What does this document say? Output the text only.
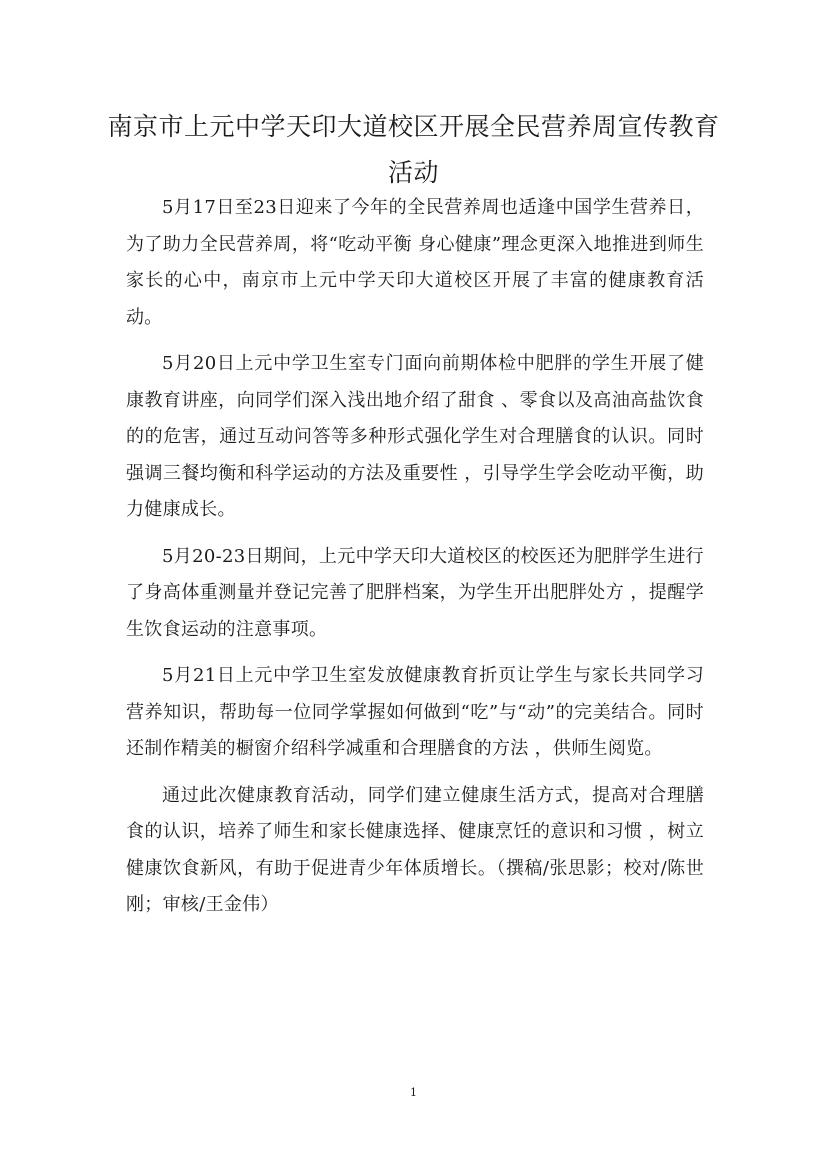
南京市上元中学天印大道校区开展全民营养周宣传教育活动

5月17日至23日迎来了今年的全民营养周也适逢中国学生营养日，为了助力全民营养周，将“吃动平衡 身心健康”理念更深入地推进到师生家长的心中，南京市上元中学天印大道校区开展了丰富的健康教育活动。

5月20日上元中学卫生室专门面向前期体检中肥胖的学生开展了健康教育讲座，向同学们深入浅出地介绍了甜食 、零食以及高油高盐饮食的的危害，通过互动问答等多种形式强化学生对合理膳食的认识。同时强调三餐均衡和科学运动的方法及重要性 ，引导学生学会吃动平衡，助力健康成长。

5月20-23日期间，上元中学天印大道校区的校医还为肥胖学生进行了身高体重测量并登记完善了肥胖档案，为学生开出肥胖处方 ，提醒学生饮食运动的注意事项。

5月21日上元中学卫生室发放健康教育折页让学生与家长共同学习营养知识，帮助每一位同学掌握如何做到“吃”与“动”的完美结合。同时还制作精美的橱窗介绍科学减重和合理膳食的方法 ，供师生阅览。

通过此次健康教育活动，同学们建立健康生活方式，提高对合理膳食的认识，培养了师生和家长健康选择、健康烹饪的意识和习惯 ，树立健康饮食新风，有助于促进青少年体质增长。（撰稿/张思影；校对/陈世刚；审核/王金伟）

1
